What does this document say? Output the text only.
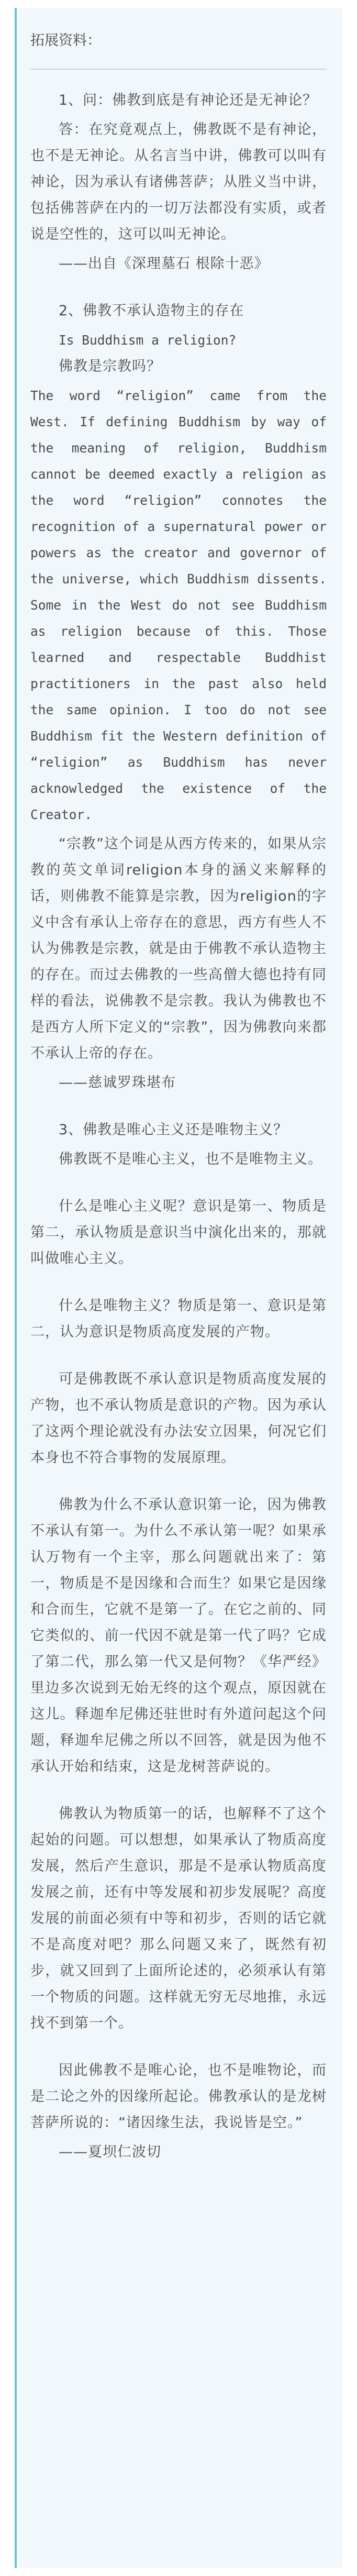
拓展资料：

1、问：佛教到底是有神论还是无神论？

答：在究竟观点上，佛教既不是有神论，也不是无神论。从名言当中讲，佛教可以叫有神论，因为承认有诸佛菩萨；从胜义当中讲，包括佛菩萨在内的一切万法都没有实质，或者说是空性的，这可以叫无神论。

——出自《深理墓石 根除十恶》

2、佛教不承认造物主的存在

Is Buddhism a religion?

佛教是宗教吗？

The word “religion” came from the West. If defining Buddhism by way of the meaning of religion, Buddhism cannot be deemed exactly a religion as the word “religion” connotes the recognition of a supernatural power or powers as the creator and governor of the universe, which Buddhism dissents. Some in the West do not see Buddhism as religion because of this. Those learned and respectable Buddhist practitioners in the past also held the same opinion. I too do not see Buddhism fit the Western definition of “religion” as Buddhism has never acknowledged the existence of the Creator.

“宗教”这个词是从西方传来的，如果从宗教的英文单词religion本身的涵义来解释的话，则佛教不能算是宗教，因为religion的字义中含有承认上帝存在的意思，西方有些人不认为佛教是宗教，就是由于佛教不承认造物主的存在。而过去佛教的一些高僧大德也持有同样的看法，说佛教不是宗教。我认为佛教也不是西方人所下定义的“宗教”，因为佛教向来都不承认上帝的存在。

——慈诚罗珠堪布

3、佛教是唯心主义还是唯物主义？

佛教既不是唯心主义，也不是唯物主义。

什么是唯心主义呢？意识是第一、物质是第二，承认物质是意识当中演化出来的，那就叫做唯心主义。

什么是唯物主义？物质是第一、意识是第二，认为意识是物质高度发展的产物。

可是佛教既不承认意识是物质高度发展的产物，也不承认物质是意识的产物。因为承认了这两个理论就没有办法安立因果，何况它们本身也不符合事物的发展原理。

佛教为什么不承认意识第一论，因为佛教不承认有第一。为什么不承认第一呢？如果承认万物有一个主宰，那么问题就出来了：第一，物质是不是因缘和合而生？如果它是因缘和合而生，它就不是第一了。在它之前的、同它类似的、前一代因不就是第一代了吗？它成了第二代，那么第一代又是何物？《华严经》里边多次说到无始无终的这个观点，原因就在这儿。释迦牟尼佛还驻世时有外道问起这个问题，释迦牟尼佛之所以不回答，就是因为他不承认开始和结束，这是龙树菩萨说的。

佛教认为物质第一的话，也解释不了这个起始的问题。可以想想，如果承认了物质高度发展，然后产生意识，那是不是承认物质高度发展之前，还有中等发展和初步发展呢？高度发展的前面必须有中等和初步，否则的话它就不是高度对吧？那么问题又来了，既然有初步，就又回到了上面所论述的，必须承认有第一个物质的问题。这样就无穷无尽地推，永远找不到第一个。

因此佛教不是唯心论，也不是唯物论，而是二论之外的因缘所起论。佛教承认的是龙树菩萨所说的：“诸因缘生法，我说皆是空。”

——夏坝仁波切
